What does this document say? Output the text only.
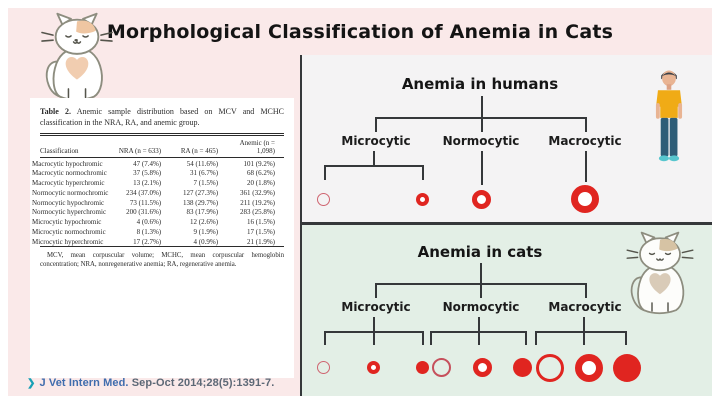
Morphological Classification of Anemia in Cats

Table 2. Anemic sample distribution based on MCV and MCHC classification in the NRA, RA, and anemic group.

Classification	NRA (n = 633)	RA (n = 465)	Anemic (n = 1,098)
Macrocytic hypochromic	47 (7.4%)	54 (11.6%)	101 (9.2%)
Macrocytic normochromic	37 (5.8%)	31 (6.7%)	68 (6.2%)
Macrocytic hyperchromic	13 (2.1%)	7 (1.5%)	20 (1.8%)
Normocytic normochromic	234 (37.0%)	127 (27.3%)	361 (32.9%)
Normocytic hypochromic	73 (11.5%)	138 (29.7%)	211 (19.2%)
Normocytic hyperchromic	200 (31.6%)	83 (17.9%)	283 (25.8%)
Microcytic hypochromic	4 (0.6%)	12 (2.6%)	16 (1.5%)
Microcytic normochromic	8 (1.3%)	9 (1.9%)	17 (1.5%)
Microcytic hyperchromic	17 (2.7%)	4 (0.9%)	21 (1.9%)

MCV, mean corpuscular volume; MCHC, mean corpuscular hemoglobin concentration; NRA, nonregenerative anemia; RA, regenerative anemia.

❯ J Vet Intern Med. Sep-Oct 2014;28(5):1391-7.
Anemia in humans
Microcytic	Normocytic	Macrocytic
Anemia in cats
Microcytic	Normocytic	Macrocytic
